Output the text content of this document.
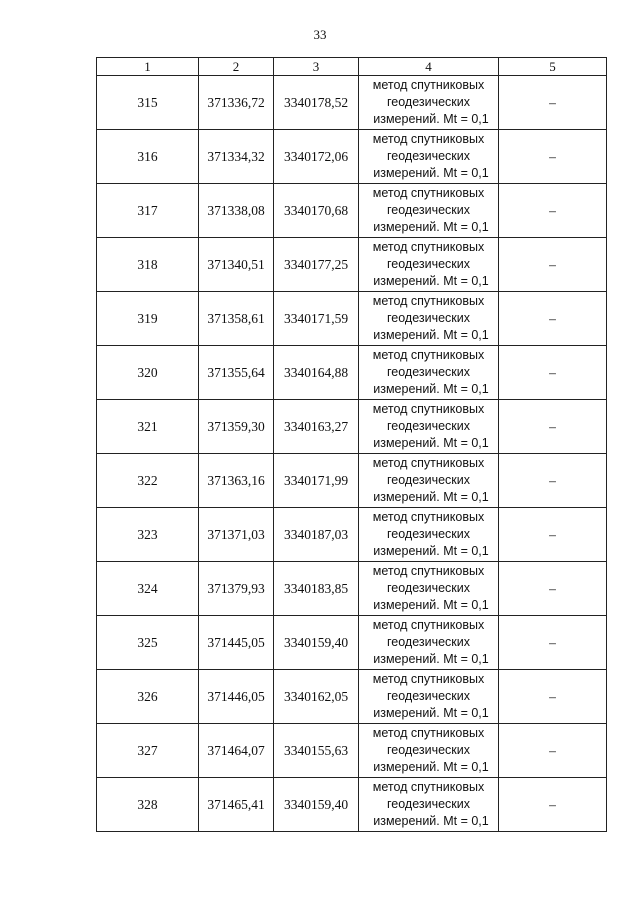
33
1	2	3	4	5
315	371336,72	3340178,52	метод спутниковых
геодезических
измерений. Mt = 0,1	–
316	371334,32	3340172,06	метод спутниковых
геодезических
измерений. Mt = 0,1	–
317	371338,08	3340170,68	метод спутниковых
геодезических
измерений. Mt = 0,1	–
318	371340,51	3340177,25	метод спутниковых
геодезических
измерений. Mt = 0,1	–
319	371358,61	3340171,59	метод спутниковых
геодезических
измерений. Mt = 0,1	–
320	371355,64	3340164,88	метод спутниковых
геодезических
измерений. Mt = 0,1	–
321	371359,30	3340163,27	метод спутниковых
геодезических
измерений. Mt = 0,1	–
322	371363,16	3340171,99	метод спутниковых
геодезических
измерений. Mt = 0,1	–
323	371371,03	3340187,03	метод спутниковых
геодезических
измерений. Mt = 0,1	–
324	371379,93	3340183,85	метод спутниковых
геодезических
измерений. Mt = 0,1	–
325	371445,05	3340159,40	метод спутниковых
геодезических
измерений. Mt = 0,1	–
326	371446,05	3340162,05	метод спутниковых
геодезических
измерений. Mt = 0,1	–
327	371464,07	3340155,63	метод спутниковых
геодезических
измерений. Mt = 0,1	–
328	371465,41	3340159,40	метод спутниковых
геодезических
измерений. Mt = 0,1	–
